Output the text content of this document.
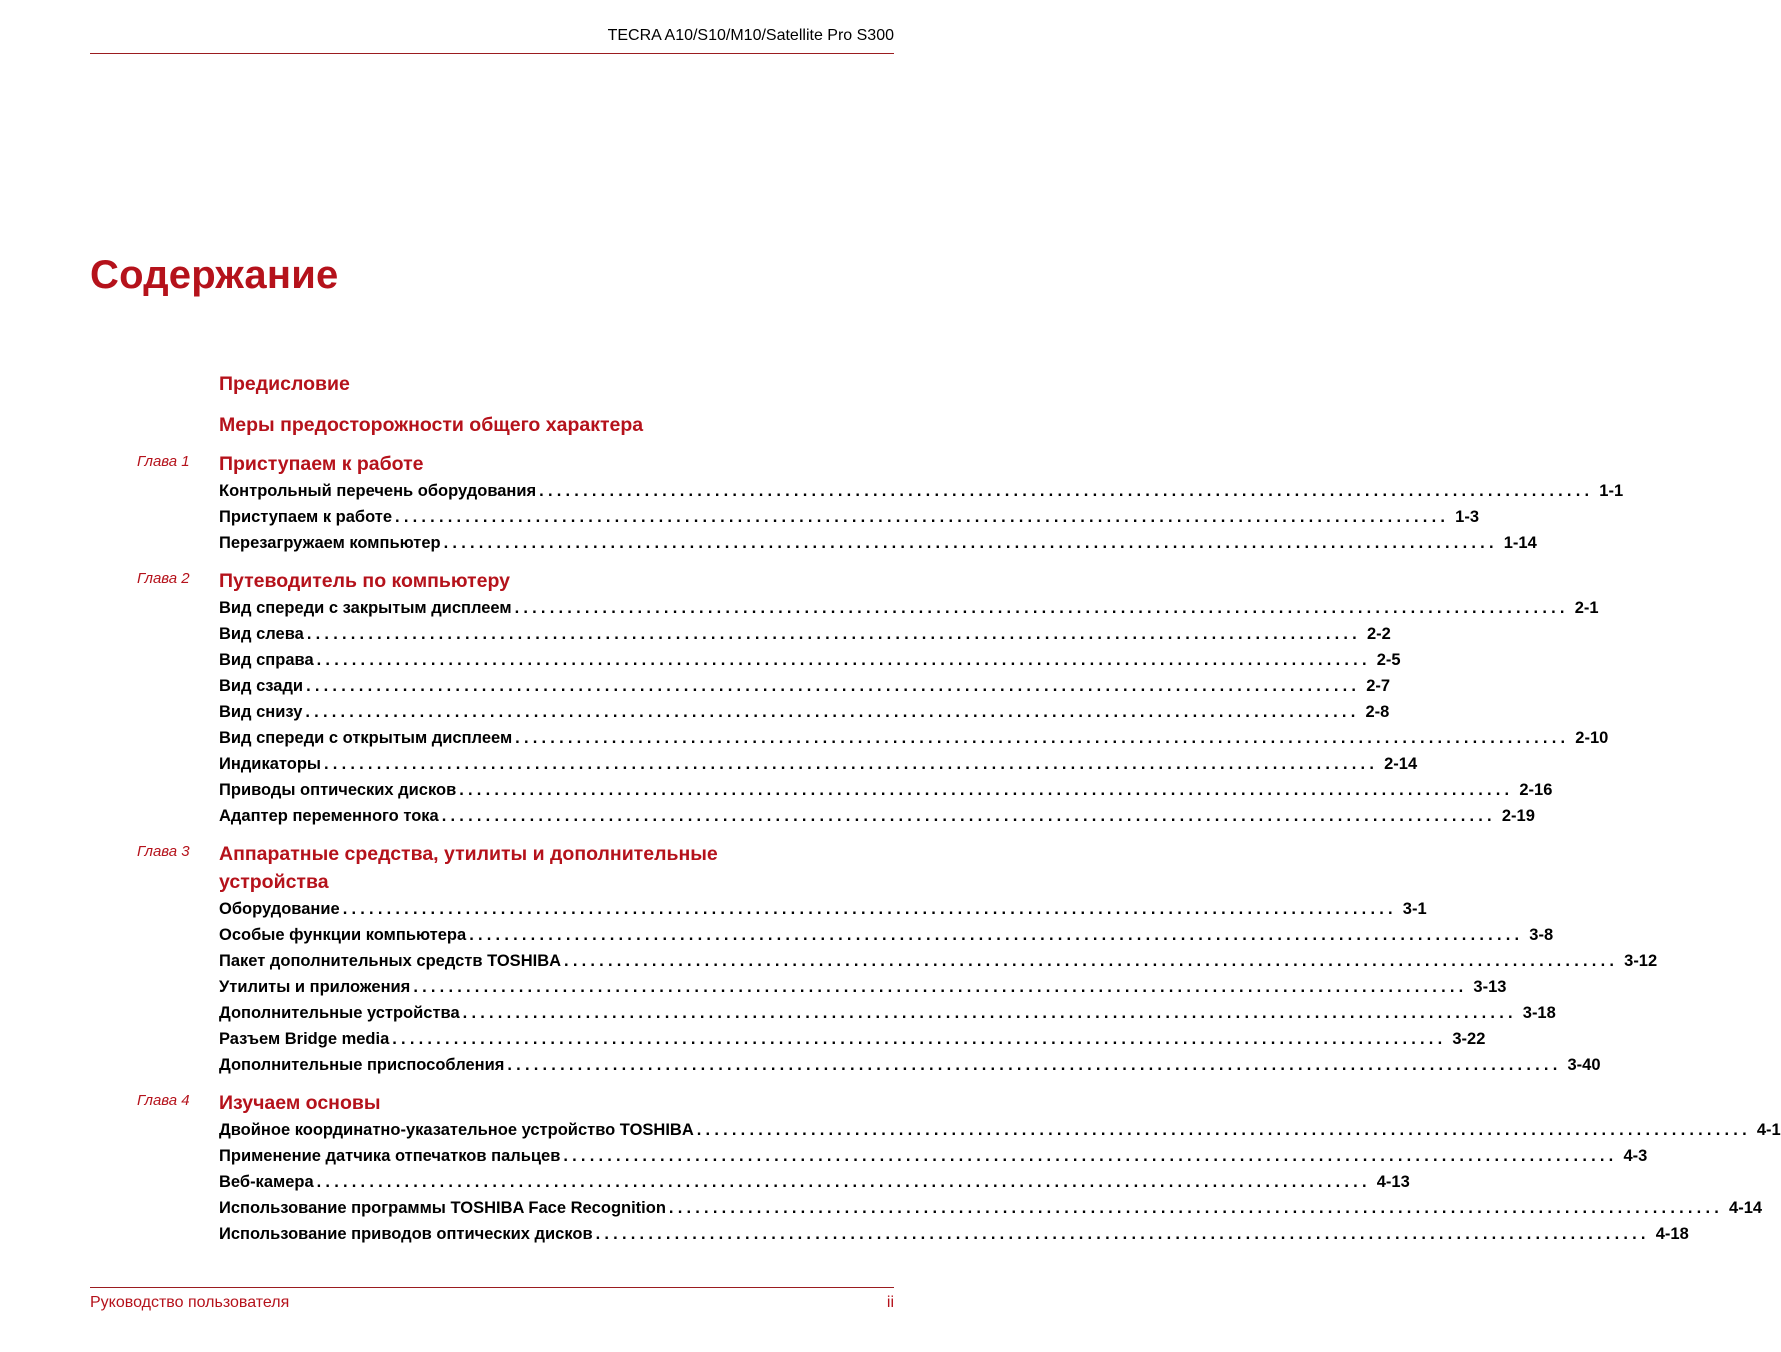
TECRA A10/S10/M10/Satellite Pro S300
Содержание
Предисловие
Меры предосторожности общего характера
Глава 1 Приступаем к работе
Контрольный перечень оборудования ........................................................................................................................ 1-1
Приступаем к работе ........................................................................................................................ 1-3
Перезагружаем компьютер ........................................................................................................................ 1-14
Глава 2 Путеводитель по компьютеру
Вид спереди с закрытым дисплеем ........................................................................................................................ 2-1
Вид слева ........................................................................................................................ 2-2
Вид справа ........................................................................................................................ 2-5
Вид сзади ........................................................................................................................ 2-7
Вид снизу ........................................................................................................................ 2-8
Вид спереди с открытым дисплеем ........................................................................................................................ 2-10
Индикаторы ........................................................................................................................ 2-14
Приводы оптических дисков ........................................................................................................................ 2-16
Адаптер переменного тока ........................................................................................................................ 2-19
Глава 3 Аппаратные средства, утилиты и дополнительные устройства
Оборудование ........................................................................................................................ 3-1
Особые функции компьютера ........................................................................................................................ 3-8
Пакет дополнительных средств TOSHIBA ........................................................................................................................ 3-12
Утилиты и приложения ........................................................................................................................ 3-13
Дополнительные устройства ........................................................................................................................ 3-18
Разъем Bridge media ........................................................................................................................ 3-22
Дополнительные приспособления ........................................................................................................................ 3-40
Глава 4 Изучаем основы
Двойное координатно-указательное устройство TOSHIBA ........................................................................................................................ 4-1
Применение датчика отпечатков пальцев ........................................................................................................................ 4-3
Веб-камера ........................................................................................................................ 4-13
Использование программы TOSHIBA Face Recognition ........................................................................................................................ 4-14
Использование приводов оптических дисков ........................................................................................................................ 4-18
Руководство пользователя	ii
